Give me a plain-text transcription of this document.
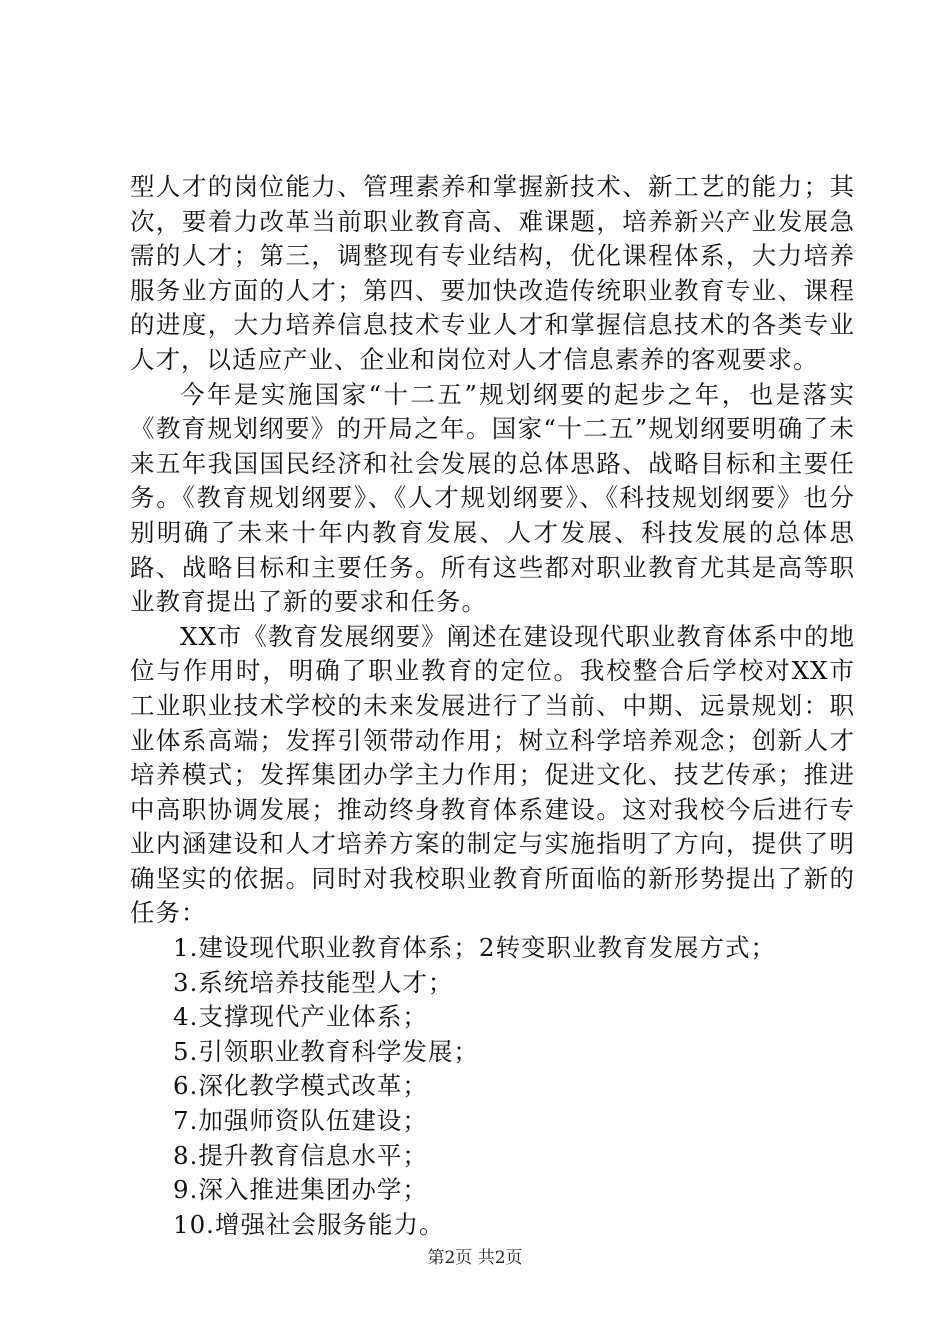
型人才的岗位能力、管理素养和掌握新技术、新工艺的能力；其次，要着力改革当前职业教育高、难课题，培养新兴产业发展急需的人才；第三，调整现有专业结构，优化课程体系，大力培养服务业方面的人才；第四、要加快改造传统职业教育专业、课程的进度，大力培养信息技术专业人才和掌握信息技术的各类专业人才，以适应产业、企业和岗位对人才信息素养的客观要求。

今年是实施国家“十二五”规划纲要的起步之年，也是落实《教育规划纲要》的开局之年。国家“十二五”规划纲要明确了未来五年我国国民经济和社会发展的总体思路、战略目标和主要任务。《教育规划纲要》、《人才规划纲要》、《科技规划纲要》也分别明确了未来十年内教育发展、人才发展、科技发展的总体思路、战略目标和主要任务。所有这些都对职业教育尤其是高等职业教育提出了新的要求和任务。

XX市《教育发展纲要》阐述在建设现代职业教育体系中的地位与作用时，明确了职业教育的定位。我校整合后学校对XX市工业职业技术学校的未来发展进行了当前、中期、远景规划：职业体系高端；发挥引领带动作用；树立科学培养观念；创新人才培养模式；发挥集团办学主力作用；促进文化、技艺传承；推进中高职协调发展；推动终身教育体系建设。这对我校今后进行专业内涵建设和人才培养方案的制定与实施指明了方向，提供了明确坚实的依据。同时对我校职业教育所面临的新形势提出了新的任务：

1.建设现代职业教育体系；2转变职业教育发展方式；
3.系统培养技能型人才；
4.支撑现代产业体系；
5.引领职业教育科学发展；
6.深化教学模式改革；
7.加强师资队伍建设；
8.提升教育信息水平；
9.深入推进集团办学；
10.增强社会服务能力。
第2页 共2页
